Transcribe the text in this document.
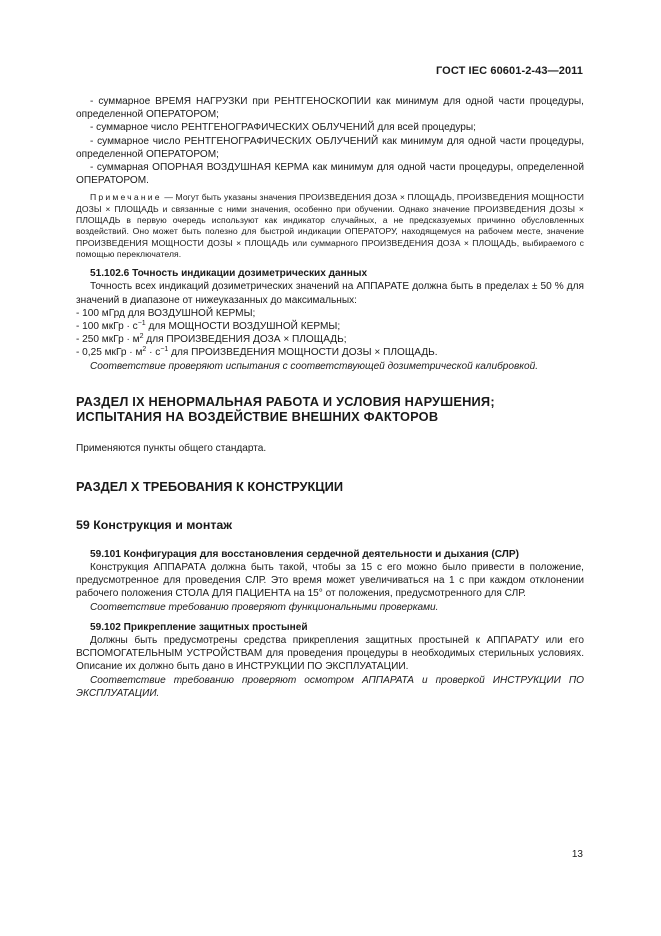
ГОСТ IEC 60601-2-43—2011

- суммарное ВРЕМЯ НАГРУЗКИ при РЕНТГЕНОСКОПИИ как минимум для одной части процедуры, определенной ОПЕРАТОРОМ;

- суммарное число РЕНТГЕНОГРАФИЧЕСКИХ ОБЛУЧЕНИЙ для всей процедуры;

- суммарное число РЕНТГЕНОГРАФИЧЕСКИХ ОБЛУЧЕНИЙ как минимум для одной части процедуры, определенной ОПЕРАТОРОМ;

- суммарная ОПОРНАЯ ВОЗДУШНАЯ КЕРМА как минимум для одной части процедуры, определенной ОПЕРАТОРОМ.

Примечание — Могут быть указаны значения ПРОИЗВЕДЕНИЯ ДОЗА × ПЛОЩАДЬ, ПРОИЗВЕДЕНИЯ МОЩНОСТИ ДОЗЫ × ПЛОЩАДЬ и связанные с ними значения, особенно при обучении. Однако значение ПРОИЗВЕДЕНИЯ ДОЗЫ × ПЛОЩАДЬ в первую очередь используют как индикатор случайных, а не предсказуемых причинно обусловленных воздействий. Оно может быть полезно для быстрой индикации ОПЕРАТОРУ, находящемуся на рабочем месте, значение ПРОИЗВЕДЕНИЯ МОЩНОСТИ ДОЗЫ × ПЛОЩАДЬ или суммарного ПРОИЗВЕДЕНИЯ ДОЗА × ПЛОЩАДЬ, выбираемого с помощью переключателя.

51.102.6 Точность индикации дозиметрических данных

Точность всех индикаций дозиметрических значений на АППАРАТЕ должна быть в пределах ± 50 % для значений в диапазоне от нижеуказанных до максимальных:

- 100 мГрд для ВОЗДУШНОЙ КЕРМЫ;

- 100 мкГр · $с^{-1}$ для МОЩНОСТИ ВОЗДУШНОЙ КЕРМЫ;

- 250 мкГр · $м^2$ для ПРОИЗВЕДЕНИЯ ДОЗА × ПЛОЩАДЬ;

- 0,25 мкГр · $м^2 \cdot с^{-1}$ для ПРОИЗВЕДЕНИЯ МОЩНОСТИ ДОЗЫ × ПЛОЩАДЬ.

Соответствие проверяют испытания с соответствующей дозиметрической калибровкой.

РАЗДЕЛ IX НЕНОРМАЛЬНАЯ РАБОТА И УСЛОВИЯ НАРУШЕНИЯ;
ИСПЫТАНИЯ НА ВОЗДЕЙСТВИЕ ВНЕШНИХ ФАКТОРОВ

Применяются пункты общего стандарта.

РАЗДЕЛ X ТРЕБОВАНИЯ К КОНСТРУКЦИИ
59 Конструкция и монтаж

59.101 Конфигурация для восстановления сердечной деятельности и дыхания (СЛР)

Конструкция АППАРАТА должна быть такой, чтобы за 15 с его можно было привести в положение, предусмотренное для проведения СЛР. Это время может увеличиваться на 1 с при каждом отклонении рабочего положения СТОЛА ДЛЯ ПАЦИЕНТА на 15° от положения, предусмотренного для СЛР.

Соответствие требованию проверяют функциональными проверками.

59.102 Прикрепление защитных простыней

Должны быть предусмотрены средства прикрепления защитных простыней к АППАРАТУ или его ВСПОМОГАТЕЛЬНЫМ УСТРОЙСТВАМ для проведения процедуры в необходимых стерильных условиях. Описание их должно быть дано в ИНСТРУКЦИИ ПО ЭКСПЛУАТАЦИИ.

Соответствие требованию проверяют осмотром АППАРАТА и проверкой ИНСТРУКЦИИ ПО ЭКСПЛУАТАЦИИ.

13
